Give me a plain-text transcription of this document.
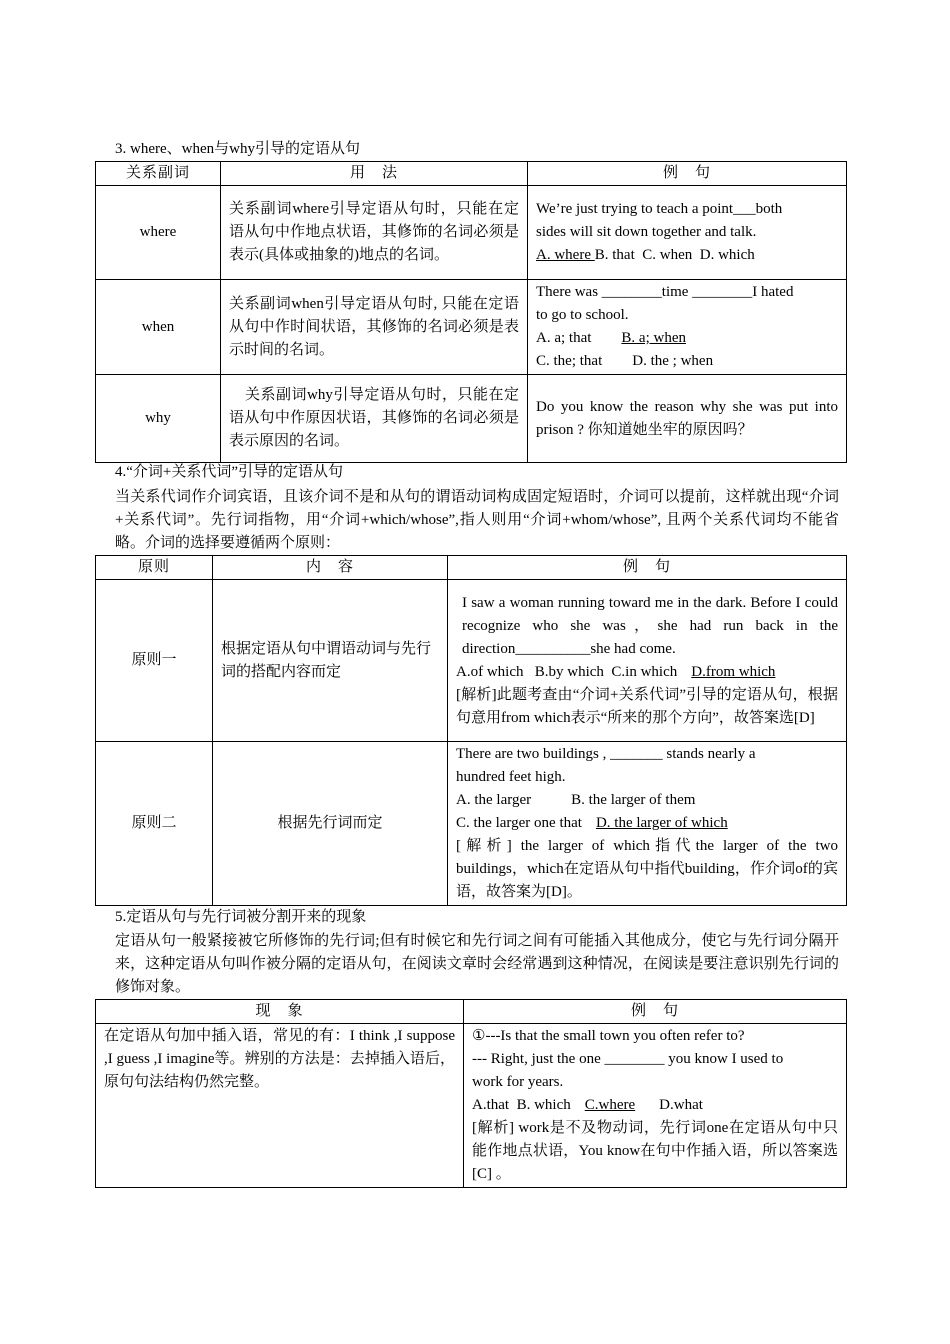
3. where、when与why引导的定语从句
关系副词	用　法	例　句
where	关系副词where引导定语从句时，只能在定语从句中作地点状语，其修饰的名词必须是表示(具体或抽象的)地点的名词。	We’re just trying to teach a point___both
sides will sit down together and talk.
A. where B. that C. when D. which

when	关系副词when引导定语从句时, 只能在定语从句中作时间状语，其修饰的名词必须是表示时间的名词。	There was ________time ________I hated
to go to school.
A. a; that B. a; when
C. the; that D. the ; when

why	关系副词why引导定语从句时，只能在定语从句中作原因状语，其修饰的名词必须是表示原因的名词。	Do you know the reason why she was put into prison ? 你知道她坐牢的原因吗？
4.“介词+关系代词”引导的定语从句
当关系代词作介词宾语，且该介词不是和从句的谓语动词构成固定短语时，介词可以提前，这样就出现“介词+关系代词”。先行词指物，用“介词+which/whose”,指人则用“介词+whom/whose”, 且两个关系代词均不能省略。介词的选择要遵循两个原则：
原则	内　容	例　句
原则一	根据定语从句中谓语动词与先行词的搭配内容而定	I saw a woman running toward me in the dark. Before I could recognize who she was，she had run back in the direction__________she had come.
A.of which B.by which C.in which D.from which
[解析]此题考查由“介词+关系代词”引导的定语从句，根据句意用from which表示“所来的那个方向”，故答案选[D]

原则二	根据先行词而定	There are two buildings , _______ stands nearly a
hundred feet high.
A. the larger B. the larger of them
C. the larger one that D. the larger of which
[解析] the larger of which指代the larger of the two buildings，which在定语从句中指代building，作介词of的宾语，故答案为[D]。
5.定语从句与先行词被分割开来的现象
定语从句一般紧接被它所修饰的先行词;但有时候它和先行词之间有可能插入其他成分，使它与先行词分隔开来，这种定语从句叫作被分隔的定语从句，在阅读文章时会经常遇到这种情况，在阅读是要注意识别先行词的修饰对象。
现　象	例　句
在定语从句加中插入语，常见的有：I think ,I suppose ,I guess ,I imagine等。辨别的方法是：去掉插入语后，原句句法结构仍然完整。	①---Is that the small town you often refer to?
--- Right, just the one ________ you know I used to
work for years.
A.that B. which C.where D.what
[解析] work是不及物动词，先行词one在定语从句中只能作地点状语，You know在句中作插入语，所以答案选[C] 。
